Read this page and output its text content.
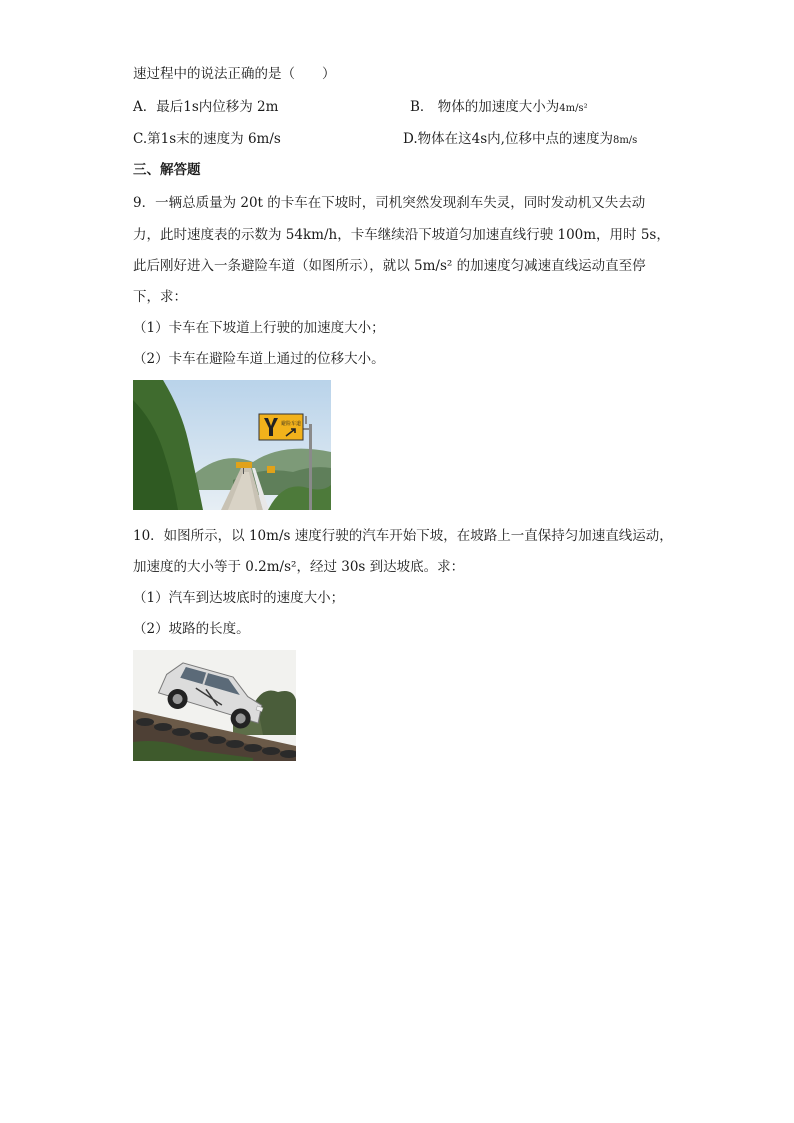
速过程中的说法正确的是（　　）
A．最后1s内位移为 2m	B． 物体的加速度大小为4m/s²
C.第1s末的速度为 6m/s	D.物体在这4s内,位移中点的速度为8m/s
三、解答题
9．一辆总质量为 20t 的卡车在下坡时，司机突然发现刹车失灵，同时发动机又失去动
力，此时速度表的示数为 54km/h，卡车继续沿下坡道匀加速直线行驶 100m，用时 5s，
此后刚好进入一条避险车道（如图所示），就以 5m/s² 的加速度匀减速直线运动直至停
下，求：
（1）卡车在下坡道上行驶的加速度大小；
（2）卡车在避险车道上通过的位移大小。
避险车道
10．如图所示，以 10m/s 速度行驶的汽车开始下坡，在坡路上一直保持匀加速直线运动，
加速度的大小等于 0.2m/s²，经过 30s 到达坡底。求：
（1）汽车到达坡底时的速度大小；
（2）坡路的长度。
